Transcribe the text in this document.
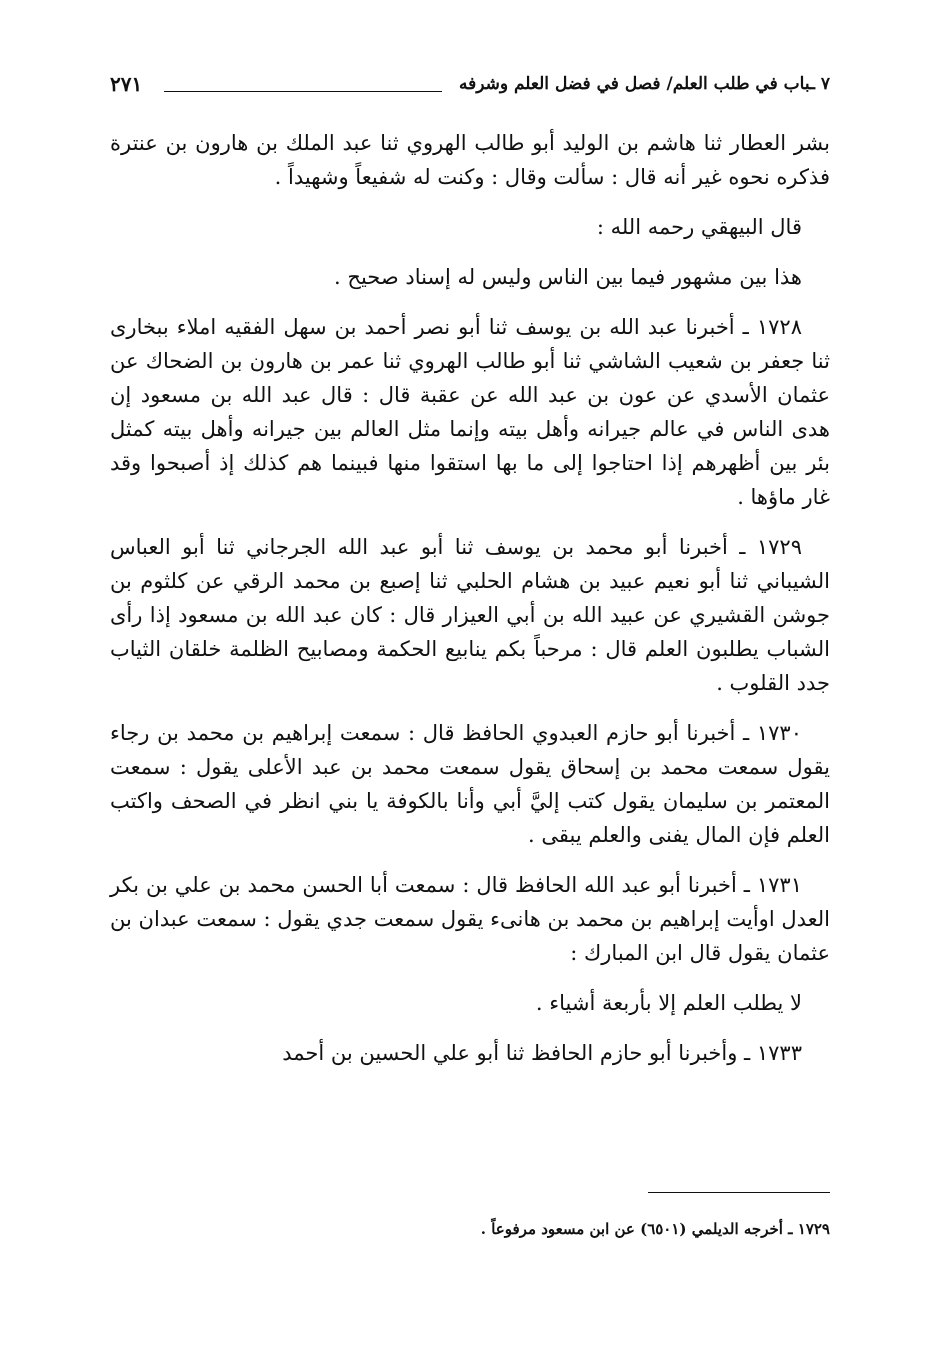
٧ ـباب في طلب العلم/ فصل في فضل العلم وشرفه
٢٧١

بشر العطار ثنا هاشم بن الوليد أبو طالب الهروي ثنا عبد الملك بن هارون بن عنترة فذكره نحوه غير أنه قال : سألت وقال : وكنت له شفيعاً وشهيداً .

قال البيهقي رحمه الله :

هذا بين مشهور فيما بين الناس وليس له إسناد صحيح .

١٧٢٨ ـ أخبرنا عبد الله بن يوسف ثنا أبو نصر أحمد بن سهل الفقيه املاء ببخارى ثنا جعفر بن شعيب الشاشي ثنا أبو طالب الهروي ثنا عمر بن هارون بن الضحاك عن عثمان الأسدي عن عون بن عبد الله عن عقبة قال : قال عبد الله بن مسعود إن هدى الناس في عالم جيرانه وأهل بيته وإنما مثل العالم بين جيرانه وأهل بيته كمثل بئر بين أظهرهم إذا احتاجوا إلى ما بها استقوا منها فبينما هم كذلك إذ أصبحوا وقد غار ماؤها .

١٧٢٩ ـ أخبرنا أبو محمد بن يوسف ثنا أبو عبد الله الجرجاني ثنا أبو العباس الشيباني ثنا أبو نعيم عبيد بن هشام الحلبي ثنا إصبع بن محمد الرقي عن كلثوم بن جوشن القشيري عن عبيد الله بن أبي العيزار قال : كان عبد الله بن مسعود إذا رأى الشباب يطلبون العلم قال : مرحباً بكم ينابيع الحكمة ومصابيح الظلمة خلقان الثياب جدد القلوب .

١٧٣٠ ـ أخبرنا أبو حازم العبدوي الحافظ قال : سمعت إبراهيم بن محمد بن رجاء يقول سمعت محمد بن إسحاق يقول سمعت محمد بن عبد الأعلى يقول : سمعت المعتمر بن سليمان يقول كتب إليَّ أبي وأنا بالكوفة يا بني انظر في الصحف واكتب العلم فإن المال يفنى والعلم يبقى .

١٧٣١ ـ أخبرنا أبو عبد الله الحافظ قال : سمعت أبا الحسن محمد بن علي بن بكر العدل اوأيت إبراهيم بن محمد بن هانىء يقول سمعت جدي يقول : سمعت عبدان بن عثمان يقول قال ابن المبارك :

لا يطلب العلم إلا بأربعة أشياء .

١٧٣٣ ـ وأخبرنا أبو حازم الحافظ ثنا أبو علي الحسين بن أحمد

١٧٢٩ ـ أخرجه الديلمي (٦٥٠١) عن ابن مسعود مرفوعاً .
